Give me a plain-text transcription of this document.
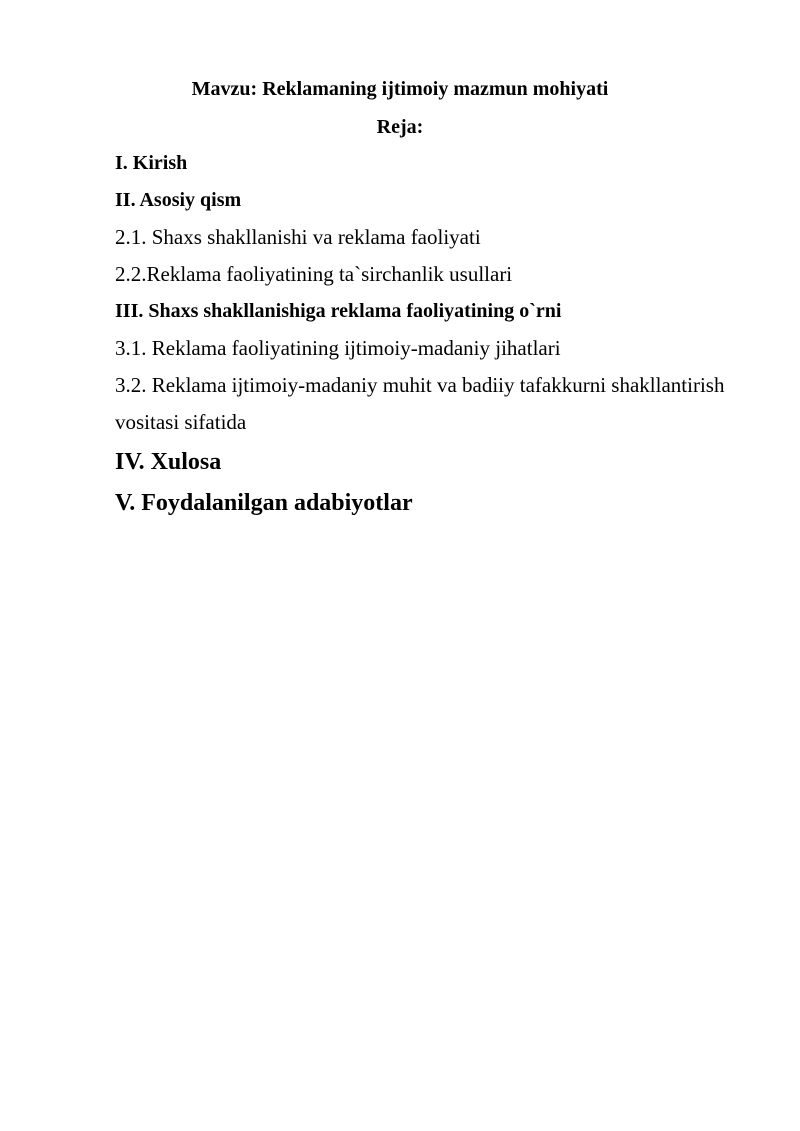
Mavzu: Reklamaning ijtimoiy mazmun mohiyati
Reja:
I. Kirish
II. Asosiy qism
2.1. Shaxs shakllanishi va reklama faoliyati
2.2.Reklama faoliyatining ta`sirchanlik usullari
III. Shaxs shakllanishiga reklama faoliyatining o`rni
3.1. Reklama faoliyatining ijtimoiy-madaniy jihatlari
3.2. Reklama ijtimoiy-madaniy muhit va badiiy tafakkurni shakllantirish
vositasi sifatida
IV. Xulosa
V. Foydalanilgan adabiyotlar
